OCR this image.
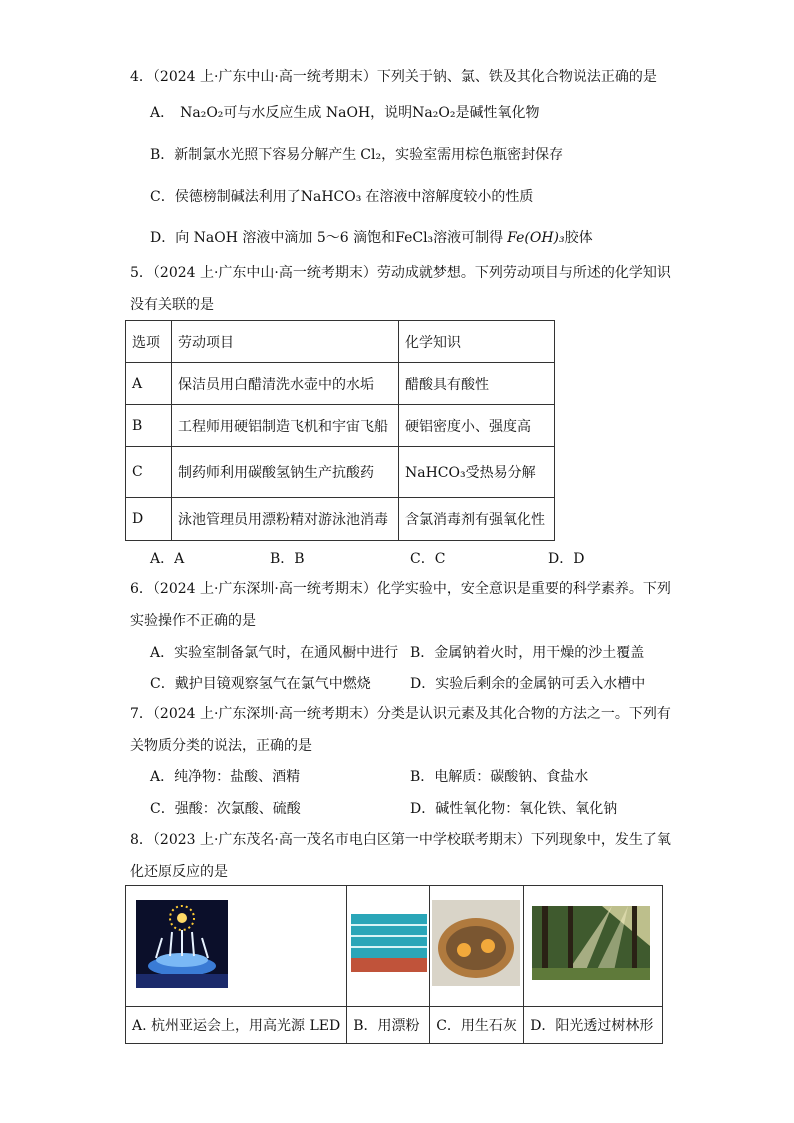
4．（2024 上·广东中山·高一统考期末）下列关于钠、氯、铁及其化合物说法正确的是
A． Na₂O₂可与水反应生成 NaOH，说明Na₂O₂是碱性氧化物
B．新制氯水光照下容易分解产生 Cl₂，实验室需用棕色瓶密封保存
C．侯德榜制碱法利用了NaHCO₃ 在溶液中溶解度较小的性质
D．向 NaOH 溶液中滴加 5～6 滴饱和FeCl₃溶液可制得 Fe(OH)₃胶体
5．（2024 上·广东中山·高一统考期末）劳动成就梦想。下列劳动项目与所述的化学知识
没有关联的是
选项	劳动项目	化学知识
A	保洁员用白醋清洗水壶中的水垢	醋酸具有酸性
B	工程师用硬铝制造飞机和宇宙飞船	硬铝密度小、强度高
C	制药师利用碳酸氢钠生产抗酸药	NaHCO₃受热易分解
D	泳池管理员用漂粉精对游泳池消毒	含氯消毒剂有强氧化性
A．A	B．B	C．C	D．D
6．（2024 上·广东深圳·高一统考期末）化学实验中，安全意识是重要的科学素养。下列
实验操作不正确的是
A．实验室制备氯气时，在通风橱中进行 B．金属钠着火时，用干燥的沙土覆盖
C．戴护目镜观察氢气在氯气中燃烧	D．实验后剩余的金属钠可丢入水槽中
7．（2024 上·广东深圳·高一统考期末）分类是认识元素及其化合物的方法之一。下列有
关物质分类的说法，正确的是
A．纯净物：盐酸、酒精	B．电解质：碳酸钠、食盐水
C．强酸：次氯酸、硫酸	D．碱性氧化物：氧化铁、氧化钠
8．（2023 上·广东茂名·高一茂名市电白区第一中学校联考期末）下列现象中，发生了氧
化还原反应的是

A. 杭州亚运会上，用高光源 LED	B．用漂粉	C．用生石灰	D．阳光透过树林形
